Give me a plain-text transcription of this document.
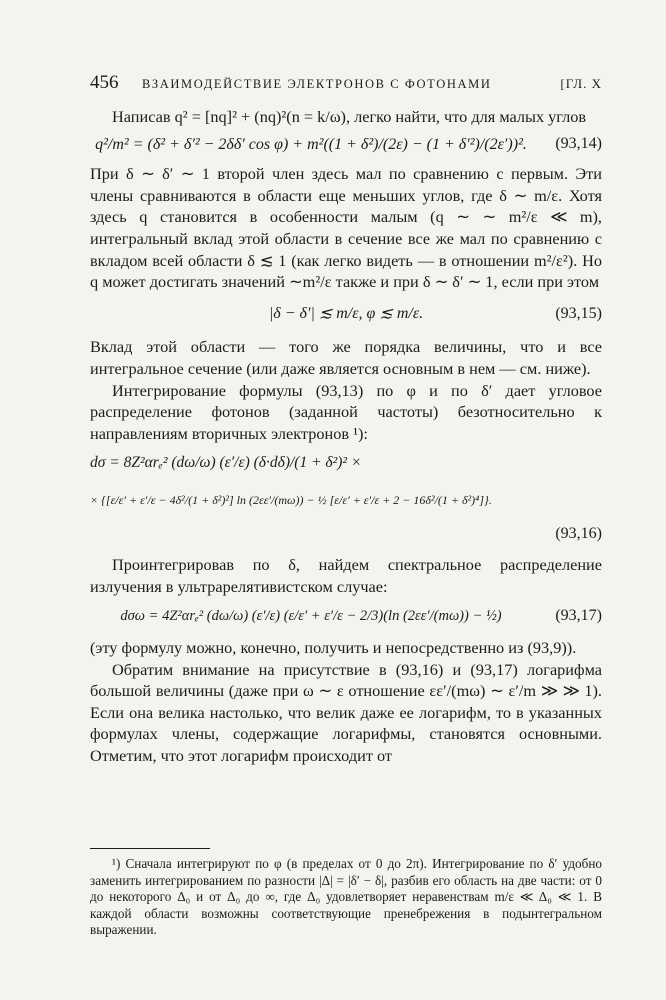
456 ВЗАИМОДЕЙСТВИЕ ЭЛЕКТРОНОВ С ФОТОНАМИ	[ГЛ. X

Написав q² = [nq]² + (nq)²(n = k/ω), легко найти, что для малых углов

q²/m² = (δ² + δ′² − 2δδ′ cos φ) + m²((1 + δ²)/(2ε) − (1 + δ′²)/(2ε′))².	(93,14)

При δ ∼ δ′ ∼ 1 второй член здесь мал по сравнению с первым. Эти члены сравниваются в области еще меньших углов, где δ ∼ m/ε. Хотя здесь q становится в особенности малым (q ∼ ∼ m²/ε ≪ m), интегральный вклад этой области в сечение все же мал по сравнению с вкладом всей области δ ≲ 1 (как легко видеть — в отношении m²/ε²). Но q может достигать значений ∼m²/ε также и при δ ∼ δ′ ∼ 1, если при этом

|δ − δ′| ≲ m/ε, φ ≲ m/ε.	(93,15)

Вклад этой области — того же порядка величины, что и все интегральное сечение (или даже является основным в нем — см. ниже).

Интегрирование формулы (93,13) по φ и по δ′ дает угловое распределение фотонов (заданной частоты) безотносительно к направлениям вторичных электронов ¹):

dσ = 8Z²αrₑ² (dω/ω) (ε′/ε) (δ·dδ)/(1 + δ²)² ×
× {[ε/ε′ + ε′/ε − 4δ²/(1 + δ²)²] ln (2εε′/(mω)) − ½ [ε/ε′ + ε′/ε + 2 − 16δ²/(1 + δ²)⁴]}.
(93,16)

Проинтегрировав по δ, найдем спектральное распределение излучения в ультрарелятивистском случае:

dσω = 4Z²αrₑ² (dω/ω) (ε′/ε) (ε/ε′ + ε′/ε − 2/3)(ln (2εε′/(mω)) − ½)	(93,17)

(эту формулу можно, конечно, получить и непосредственно из (93,9)).

Обратим внимание на присутствие в (93,16) и (93,17) логарифма большой величины (даже при ω ∼ ε отношение εε′/(mω) ∼ ε′/m ≫ ≫ 1). Если она велика настолько, что велик даже ее логарифм, то в указанных формулах члены, содержащие логарифмы, становятся основными. Отметим, что этот логарифм происходит от

¹) Сначала интегрируют по φ (в пределах от 0 до 2π). Интегрирование по δ′ удобно заменить интегрированием по разности |Δ| = |δ′ − δ|, разбив его область на две части: от 0 до некоторого Δ₀ и от Δ₀ до ∞, где Δ₀ удовлетворяет неравенствам m/ε ≪ Δ₀ ≪ 1. В каждой области возможны соответствующие пренебрежения в подынтегральном выражении.
